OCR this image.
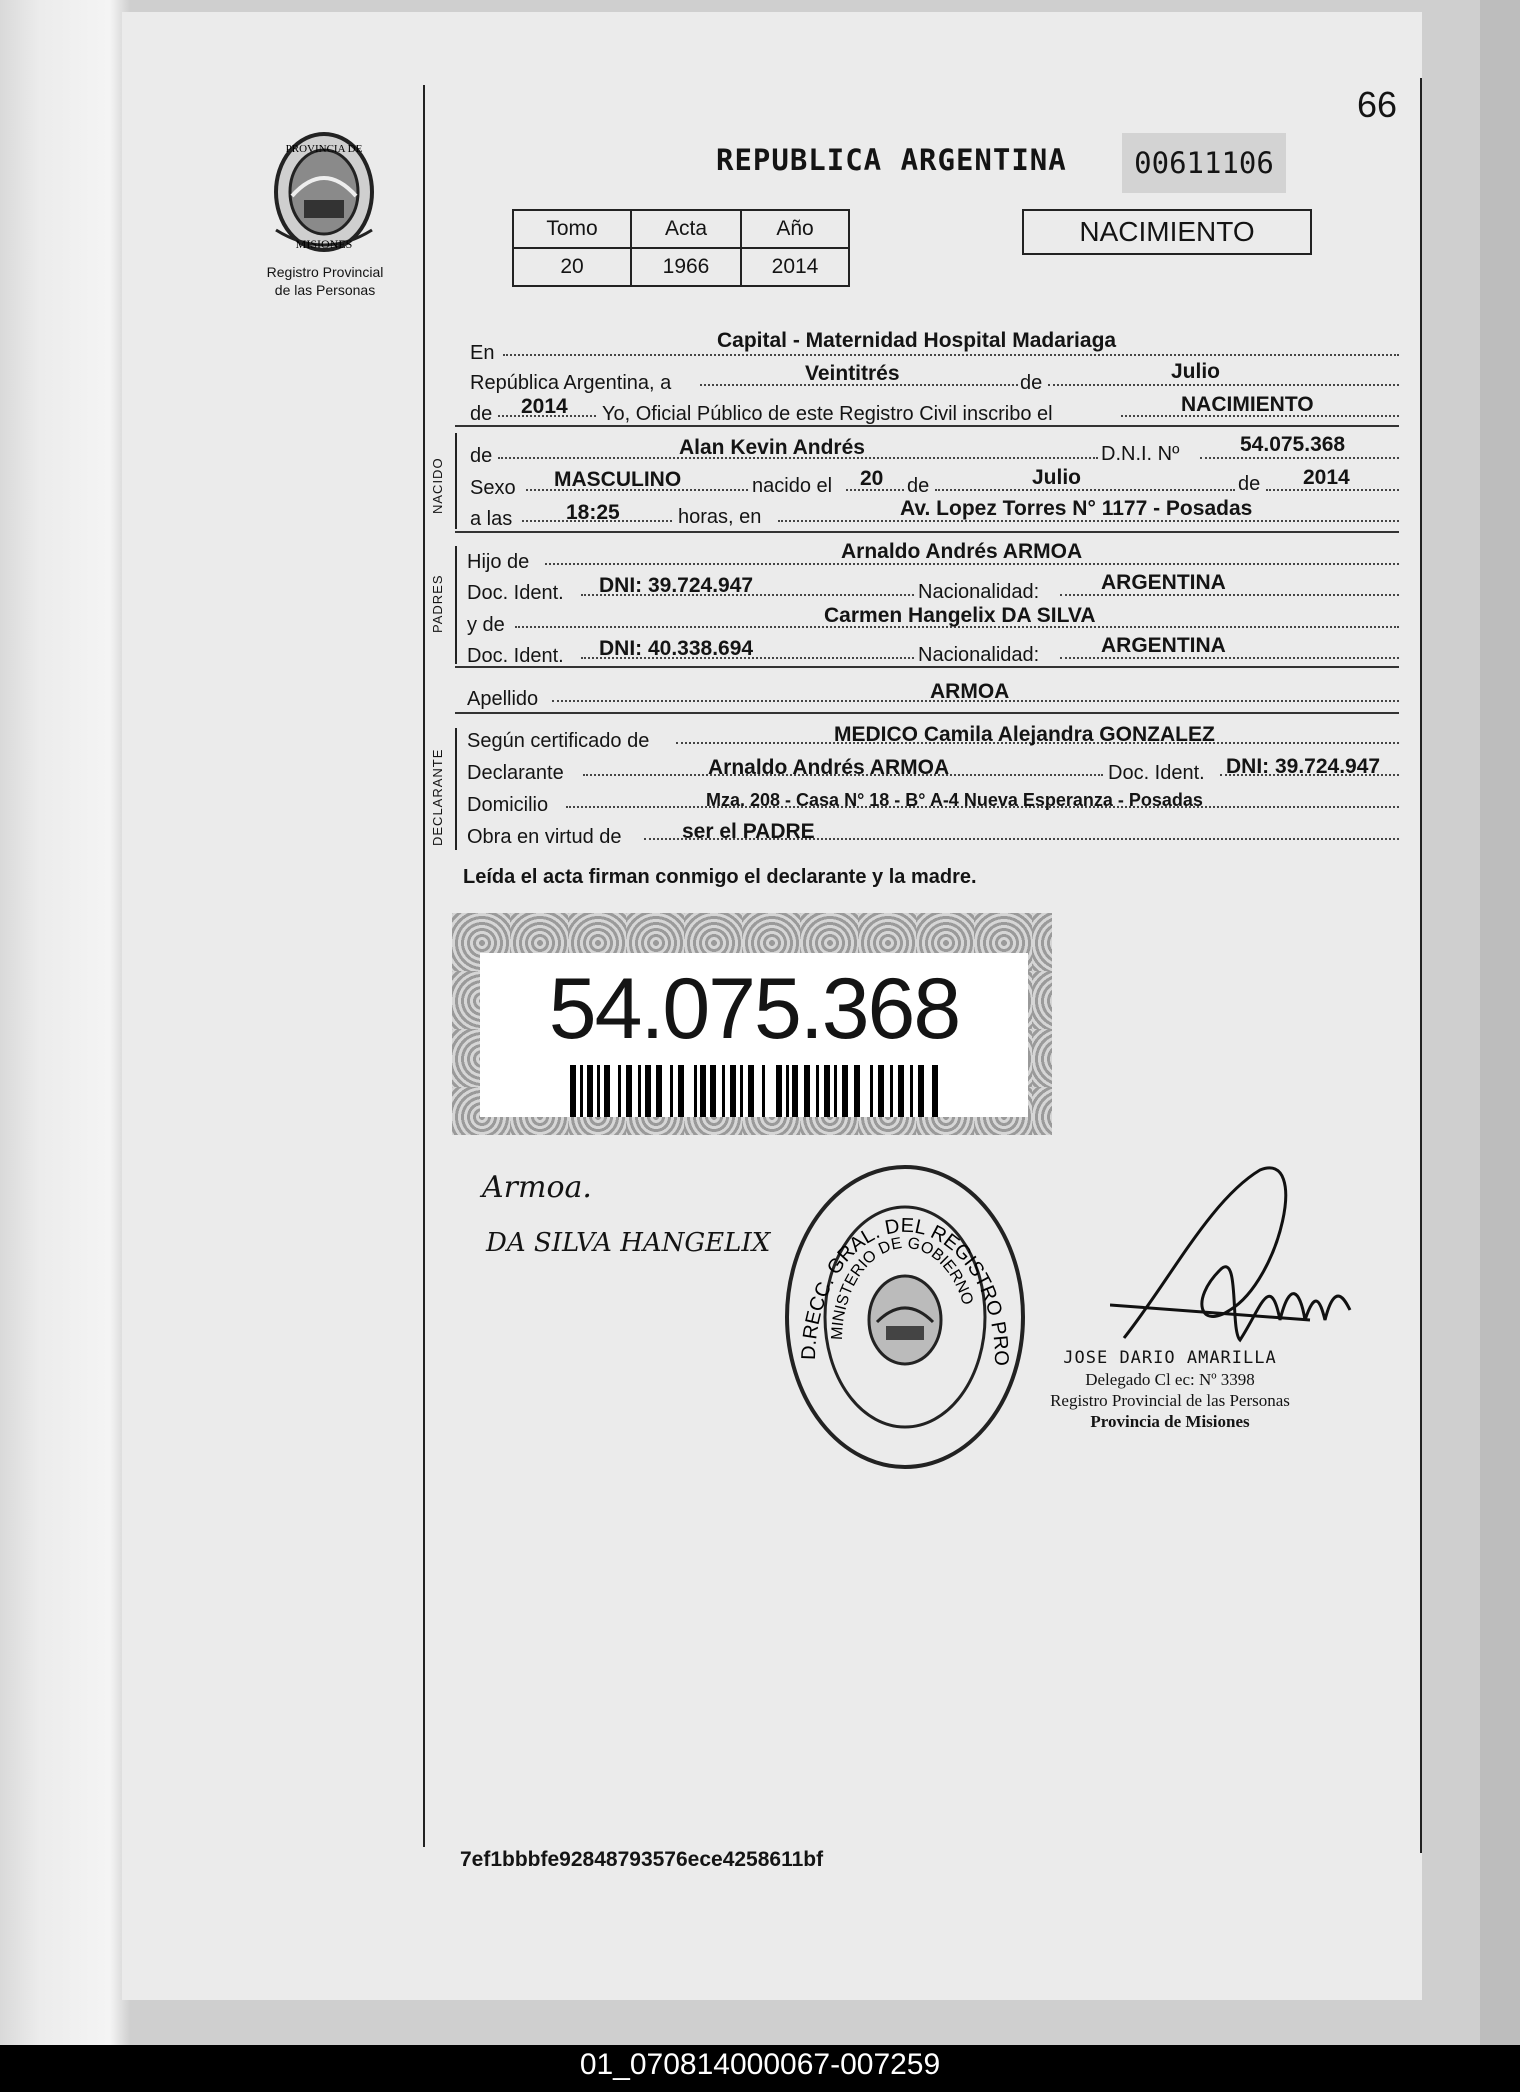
66
PROVINCIA DE
MISIONES
Registro Provincial
de las Personas
REPUBLICA ARGENTINA	00611106
Tomo	Acta	Año
20	1966	2014
NACIMIENTO
En
Capital - Maternidad Hospital Madariaga
República Argentina, a	Veintitrés	de	Julio
de 2014 Yo, Oficial Público de este Registro Civil inscribo el	NACIMIENTO
NACIDO
de	Alan Kevin Andrés	D.N.I. Nº	54.075.368
Sexo MASCULINO	nacido el 20 de	Julio	de 2014
a las	18:25	horas, en	Av. Lopez Torres N° 1177 - Posadas
PADRES
Hijo de	Arnaldo Andrés ARMOA
Doc. Ident. DNI: 39.724.947	Nacionalidad:	ARGENTINA
y de	Carmen Hangelix DA SILVA
Doc. Ident. DNI: 40.338.694	Nacionalidad:	ARGENTINA
Apellido	ARMOA
DECLARANTE
Según certificado de	MEDICO Camila Alejandra GONZALEZ
Declarante	Arnaldo Andrés ARMOA	Doc. Ident. DNI: 39.724.947
Domicilio	Mza. 208 - Casa N° 18 - B° A-4 Nueva Esperanza - Posadas
Obra en virtud de	ser el PADRE
Leída el acta firman conmigo el declarante y la madre.
54.075.368
Armoa.
DA SILVA HANGELIX
D.RECC. GRAL. DEL REGISTRO PRO
MINISTERIO DE GOBIERNO
JOSE DARIO AMARILLA
Delegado Cl ec: Nº 3398
Registro Provincial de las Personas
Provincia de Misiones
7ef1bbbfe92848793576ece4258611bf
01_070814000067-007259
